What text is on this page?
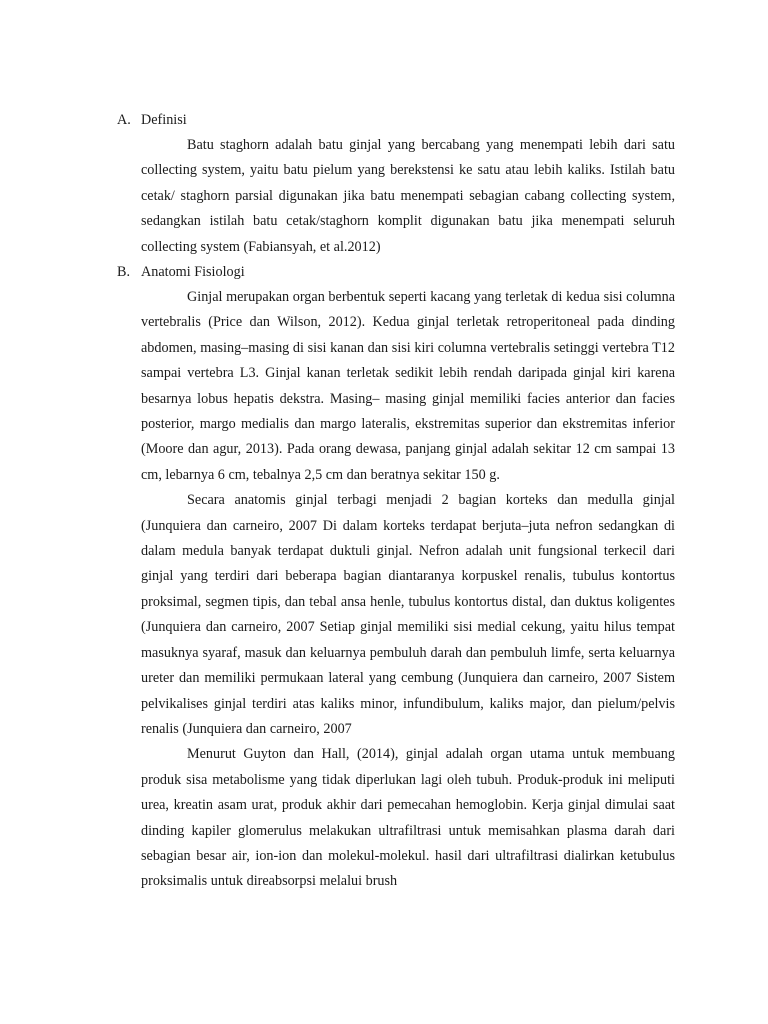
A. Definisi

Batu staghorn adalah batu ginjal yang bercabang yang menempati lebih dari satu collecting system, yaitu batu pielum yang berekstensi ke satu atau lebih kaliks. Istilah batu cetak/ staghorn parsial digunakan jika batu menempati sebagian cabang collecting system, sedangkan istilah batu cetak/staghorn komplit digunakan batu jika menempati seluruh collecting system (Fabiansyah, et al.2012)

B. Anatomi Fisiologi

Ginjal merupakan organ berbentuk seperti kacang yang terletak di kedua sisi columna vertebralis (Price dan Wilson, 2012). Kedua ginjal terletak retroperitoneal pada dinding abdomen, masing–masing di sisi kanan dan sisi kiri columna vertebralis setinggi vertebra T12 sampai vertebra L3. Ginjal kanan terletak sedikit lebih rendah daripada ginjal kiri karena besarnya lobus hepatis dekstra. Masing– masing ginjal memiliki facies anterior dan facies posterior, margo medialis dan margo lateralis, ekstremitas superior dan ekstremitas inferior (Moore dan agur, 2013). Pada orang dewasa, panjang ginjal adalah sekitar 12 cm sampai 13 cm, lebarnya 6 cm, tebalnya 2,5 cm dan beratnya sekitar 150 g.

Secara anatomis ginjal terbagi menjadi 2 bagian korteks dan medulla ginjal (Junquiera dan carneiro, 2007 Di dalam korteks terdapat berjuta–juta nefron sedangkan di dalam medula banyak terdapat duktuli ginjal. Nefron adalah unit fungsional terkecil dari ginjal yang terdiri dari beberapa bagian diantaranya korpuskel renalis, tubulus kontortus proksimal, segmen tipis, dan tebal ansa henle, tubulus kontortus distal, dan duktus koligentes (Junquiera dan carneiro, 2007 Setiap ginjal memiliki sisi medial cekung, yaitu hilus tempat masuknya syaraf, masuk dan keluarnya pembuluh darah dan pembuluh limfe, serta keluarnya ureter dan memiliki permukaan lateral yang cembung (Junquiera dan carneiro, 2007 Sistem pelvikalises ginjal terdiri atas kaliks minor, infundibulum, kaliks major, dan pielum/pelvis renalis (Junquiera dan carneiro, 2007

Menurut Guyton dan Hall, (2014), ginjal adalah organ utama untuk membuang produk sisa metabolisme yang tidak diperlukan lagi oleh tubuh. Produk-produk ini meliputi urea, kreatin asam urat, produk akhir dari pemecahan hemoglobin. Kerja ginjal dimulai saat dinding kapiler glomerulus melakukan ultrafiltrasi untuk memisahkan plasma darah dari sebagian besar air, ion-ion dan molekul-molekul. hasil dari ultrafiltrasi dialirkan ketubulus proksimalis untuk direabsorpsi melalui brush
